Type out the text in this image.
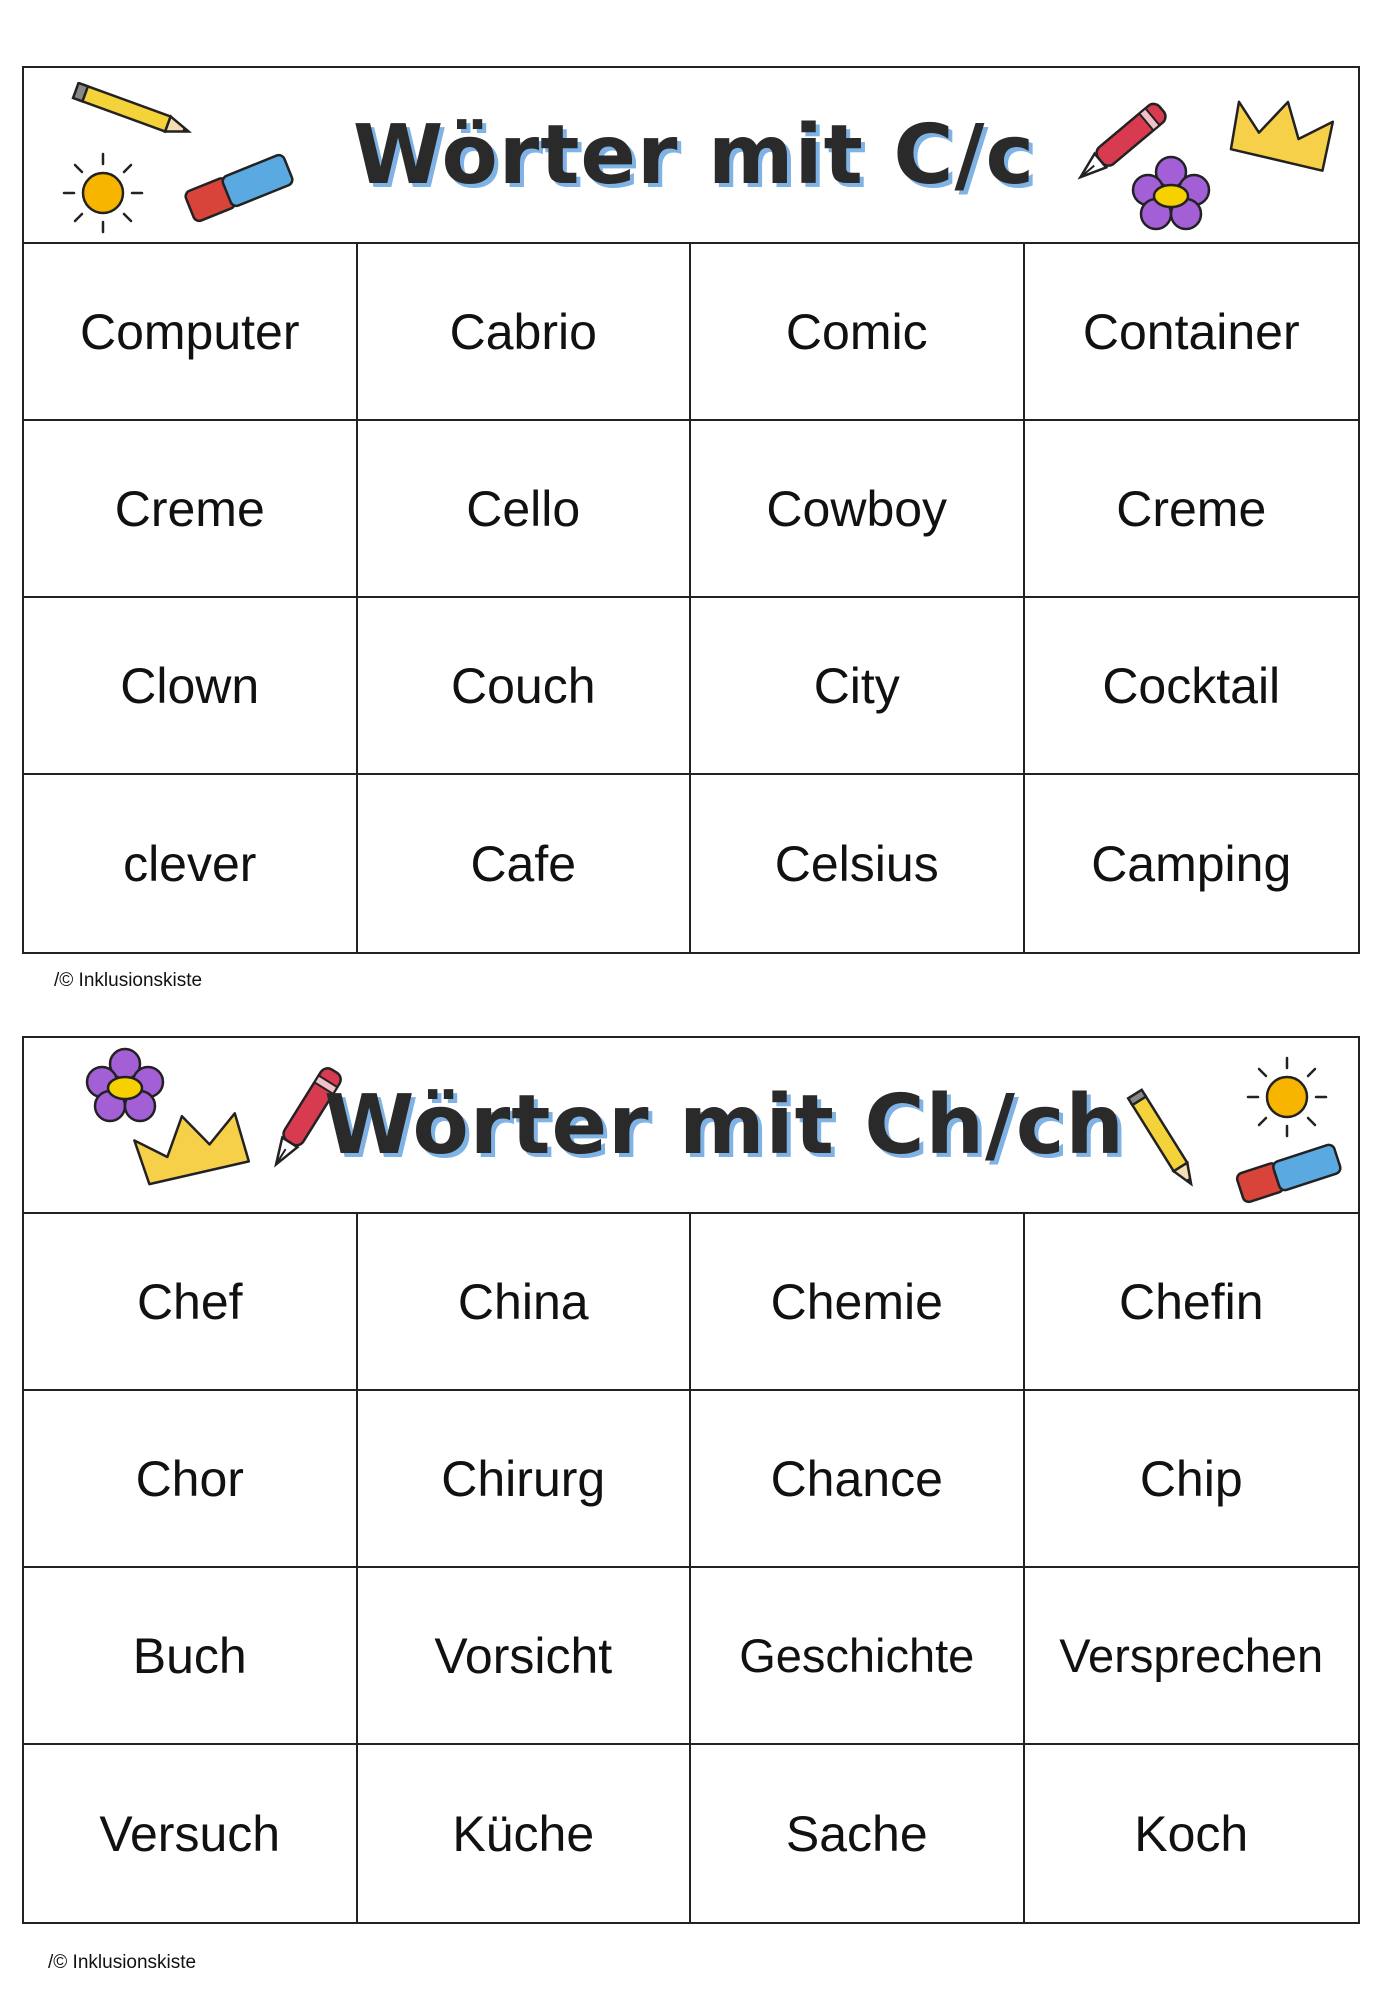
Wörter mit C/c
Computer	Cabrio	Comic	Container
Creme	Cello	Cowboy	Creme
Clown	Couch	City	Cocktail
clever	Cafe	Celsius	Camping
/© Inklusionskiste
Wörter mit Ch/ch
Chef	China	Chemie	Chefin
Chor	Chirurg	Chance	Chip
Buch	Vorsicht	Geschichte	Versprechen
Versuch	Küche	Sache	Koch
/© Inklusionskiste
